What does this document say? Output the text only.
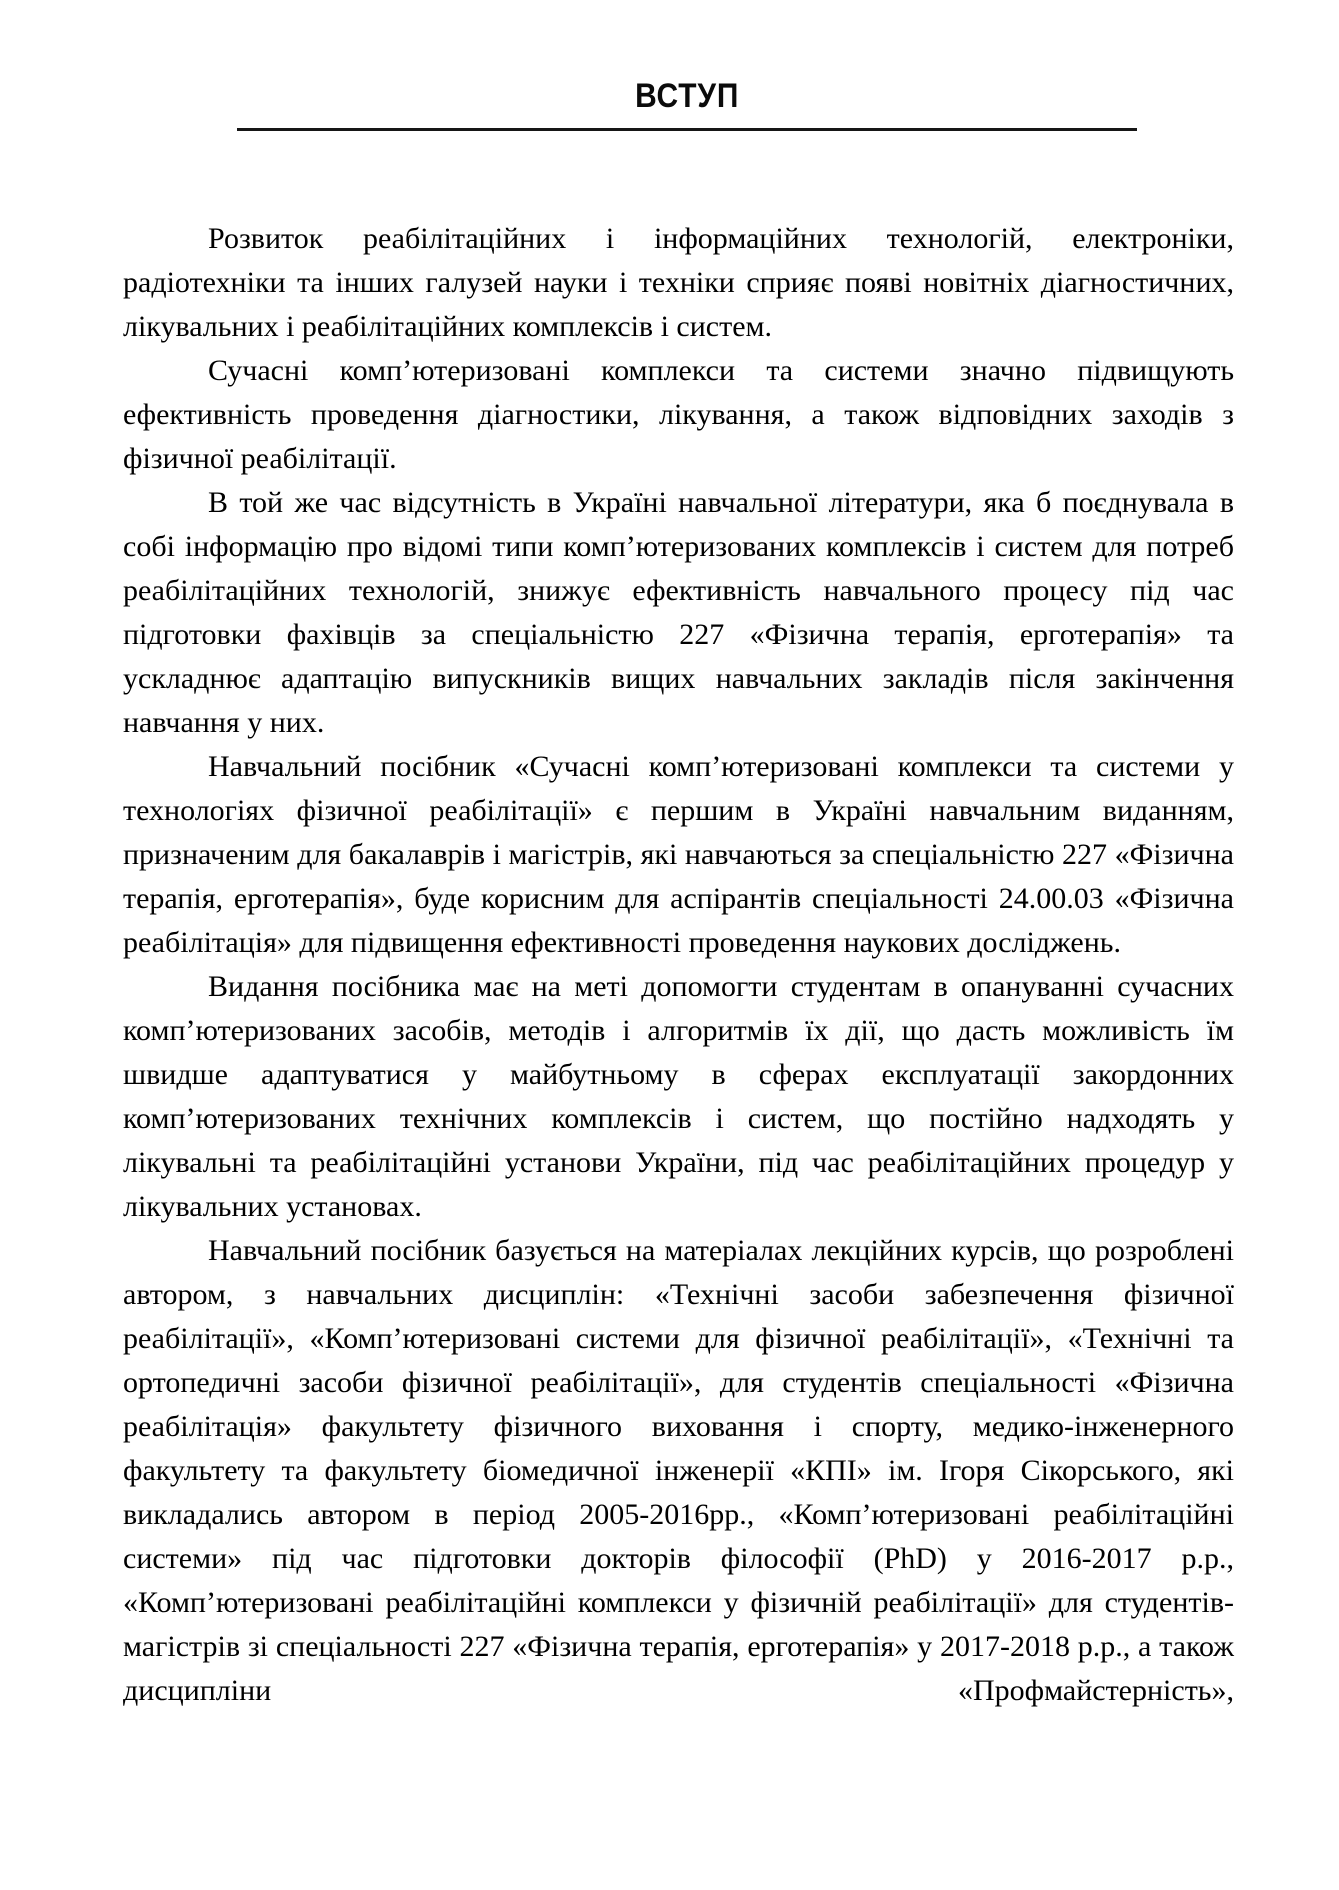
ВСТУП

Розвиток реабілітаційних і інформаційних технологій, електроніки, радіотехніки та інших галузей науки і техніки сприяє появі новітніх діагностичних, лікувальних і реабілітаційних комплексів і систем.

Сучасні комп’ютеризовані комплекси та системи значно підвищують ефективність проведення діагностики, лікування, а також відповідних заходів з фізичної реабілітації.

В той же час відсутність в Україні навчальної літератури, яка б поєднувала в собі інформацію про відомі типи комп’ютеризованих комплексів і систем для потреб реабілітаційних технологій, знижує ефективність навчального процесу під час підготовки фахівців за спеціальністю 227 «Фізична терапія, ерготерапія» та ускладнює адаптацію випускників вищих навчальних закладів після закінчення навчання у них.

Навчальний посібник «Сучасні комп’ютеризовані комплекси та системи у технологіях фізичної реабілітації» є першим в Україні навчальним виданням, призначеним для бакалаврів і магістрів, які навчаються за спеціальністю 227 «Фізична терапія, ерготерапія», буде корисним для аспірантів спеціальності 24.00.03 «Фізична реабілітація» для підвищення ефективності проведення наукових досліджень.

Видання посібника має на меті допомогти студентам в опануванні сучасних комп’ютеризованих засобів, методів і алгоритмів їх дії, що дасть можливість їм швидше адаптуватися у майбутньому в сферах експлуатації закордонних комп’ютеризованих технічних комплексів і систем, що постійно надходять у лікувальні та реабілітаційні установи України, під час реабілітаційних процедур у лікувальних установах.

Навчальний посібник базується на матеріалах лекційних курсів, що розроблені автором, з навчальних дисциплін: «Технічні засоби забезпечення фізичної реабілітації», «Комп’ютеризовані системи для фізичної реабілітації», «Технічні та ортопедичні засоби фізичної реабілітації», для студентів спеціальності «Фізична реабілітація» факультету фізичного виховання і спорту, медико-інженерного факультету та факультету біомедичної інженерії «КПІ» ім. Ігоря Сікорського, які викладались автором в період 2005-2016рр., «Комп’ютеризовані реабілітаційні системи» під час підготовки докторів філософії (PhD) у 2016-2017 р.р., «Комп’ютеризовані реабілітаційні комплекси у фізичній реабілітації» для студентів-магістрів зі спеціальності 227 «Фізична терапія, ерготерапія» у 2017-2018 р.р., а також дисципліни «Профмайстерність»,
